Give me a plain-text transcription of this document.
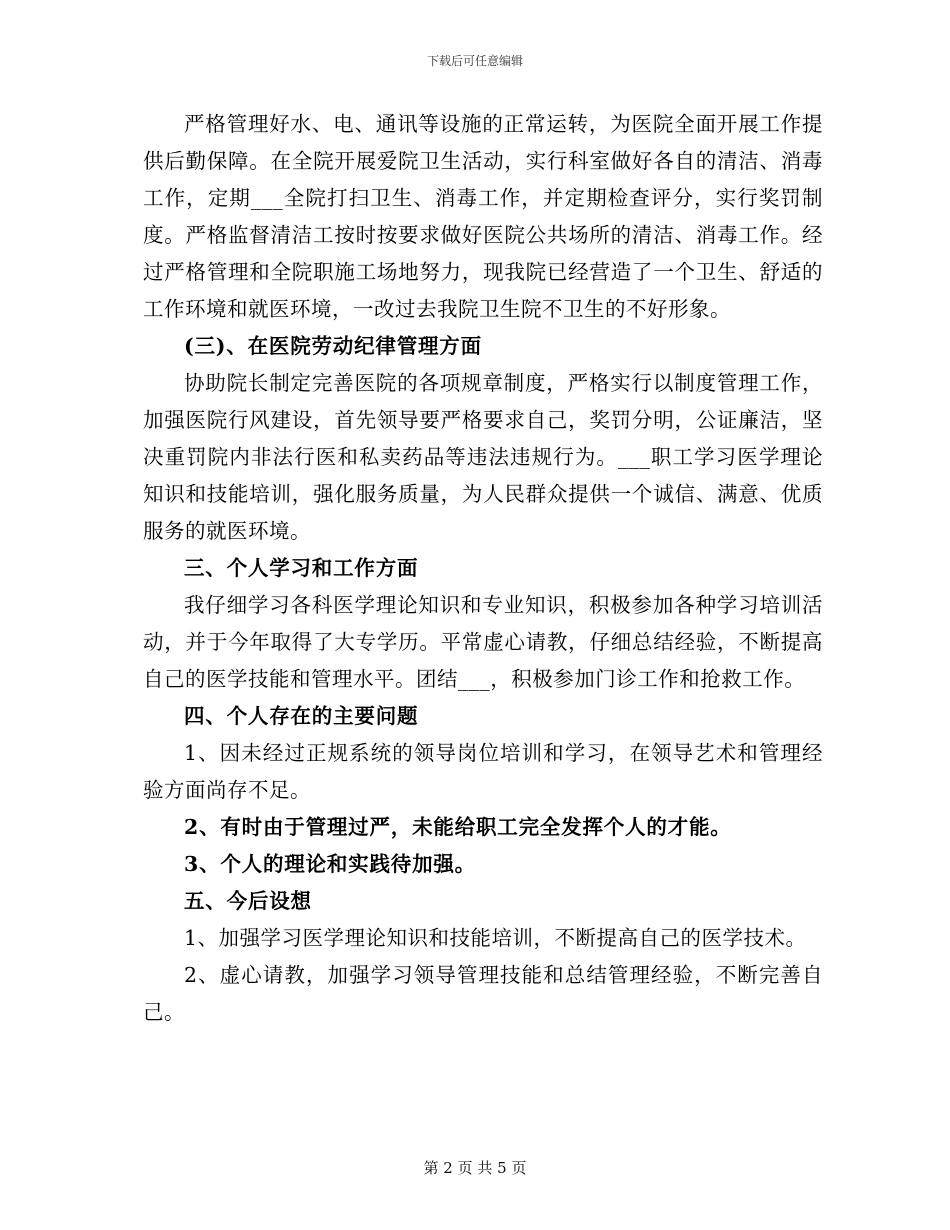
下载后可任意编辑

严格管理好水、电、通讯等设施的正常运转，为医院全面开展工作提供后勤保障。在全院开展爱院卫生活动，实行科室做好各自的清洁、消毒工作，定期___全院打扫卫生、消毒工作，并定期检查评分，实行奖罚制度。严格监督清洁工按时按要求做好医院公共场所的清洁、消毒工作。经过严格管理和全院职施工场地努力，现我院已经营造了一个卫生、舒适的工作环境和就医环境，一改过去我院卫生院不卫生的不好形象。

(三)、在医院劳动纪律管理方面

协助院长制定完善医院的各项规章制度，严格实行以制度管理工作，加强医院行风建设，首先领导要严格要求自己，奖罚分明，公证廉洁，坚决重罚院内非法行医和私卖药品等违法违规行为。___职工学习医学理论知识和技能培训，强化服务质量，为人民群众提供一个诚信、满意、优质服务的就医环境。

三、个人学习和工作方面

我仔细学习各科医学理论知识和专业知识，积极参加各种学习培训活动，并于今年取得了大专学历。平常虚心请教，仔细总结经验，不断提高自己的医学技能和管理水平。团结___，积极参加门诊工作和抢救工作。

四、个人存在的主要问题

1、因未经过正规系统的领导岗位培训和学习，在领导艺术和管理经验方面尚存不足。

2、有时由于管理过严，未能给职工完全发挥个人的才能。

3、个人的理论和实践待加强。

五、今后设想

1、加强学习医学理论知识和技能培训，不断提高自己的医学技术。

2、虚心请教，加强学习领导管理技能和总结管理经验，不断完善自己。

第 2 页 共 5 页
